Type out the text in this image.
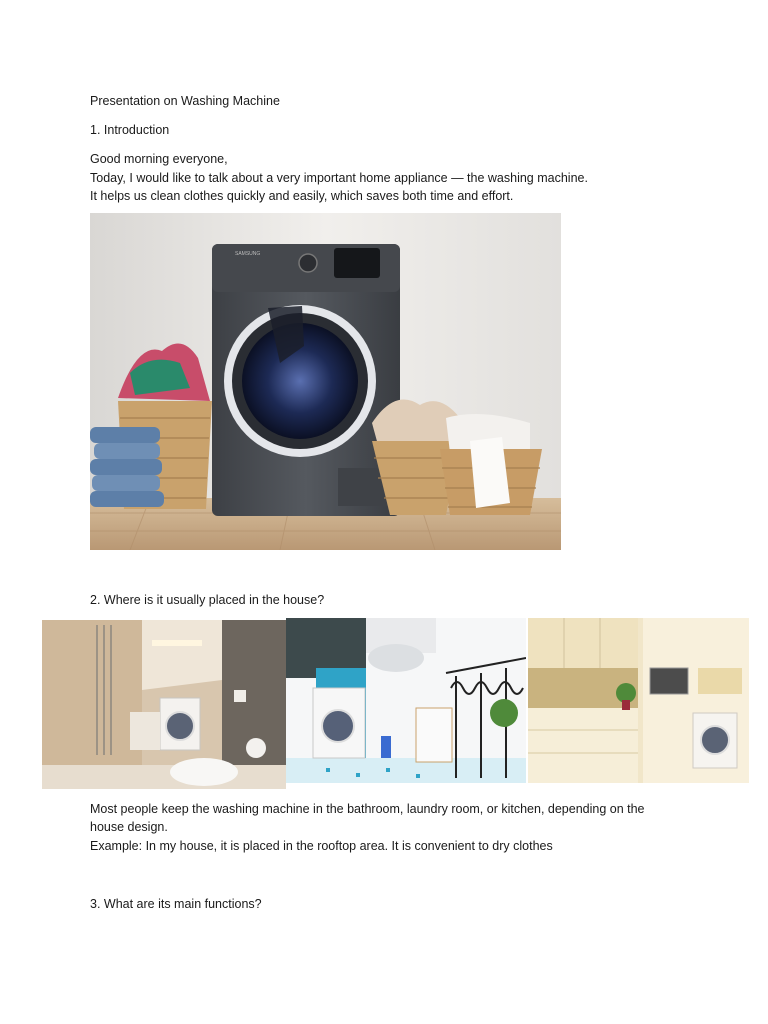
Presentation on Washing Machine
1. Introduction
Good morning everyone,
Today, I would like to talk about a very important home appliance — the washing machine.
It helps us clean clothes quickly and easily, which saves both time and effort.
SAMSUNG
2. Where is it usually placed in the house?
Most people keep the washing machine in the bathroom, laundry room, or kitchen, depending on the
house design.
Example: In my house, it is placed in the rooftop area. It is convenient to dry clothes
3. What are its main functions?
